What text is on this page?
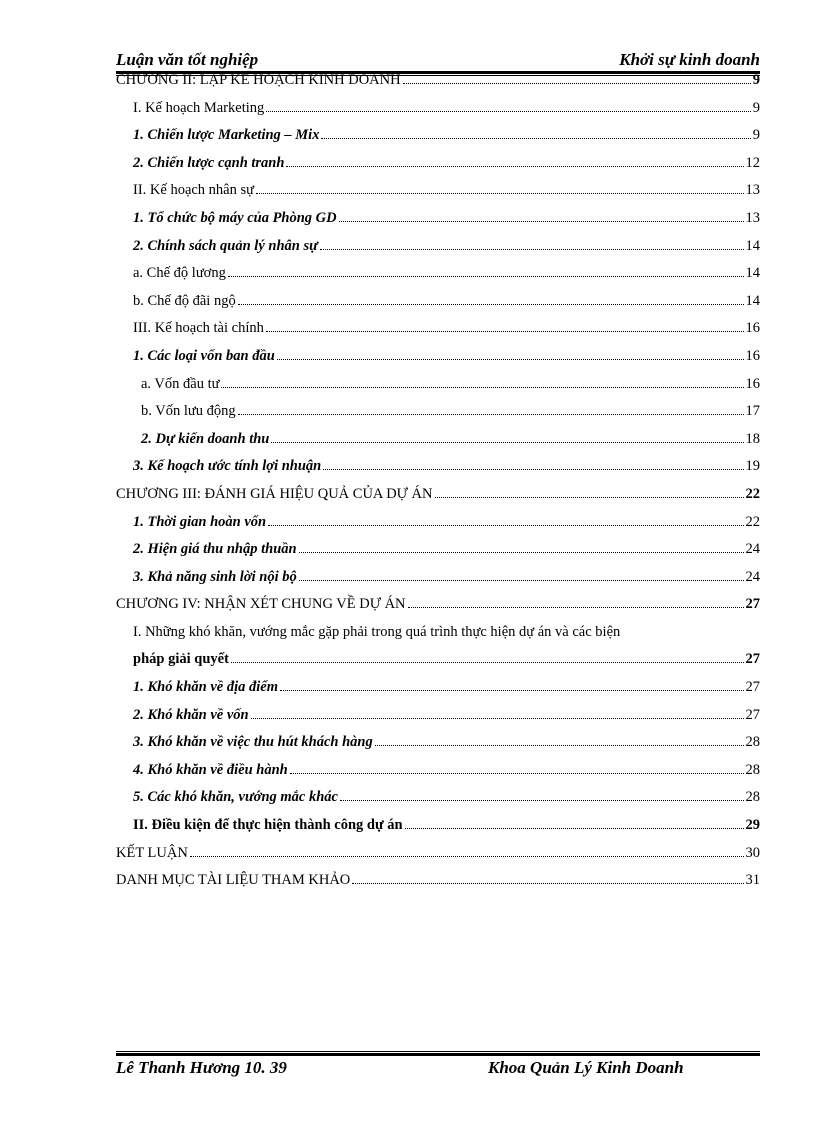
Luận văn tốt nghiệp	Khởi sự kinh doanh
CHƯƠNG II: LẬP KẾ HOẠCH KINH DOANH	9
I. Kế hoạch Marketing	9
1. Chiến lược Marketing – Mix	9
2. Chiến lược cạnh tranh	12
II. Kế hoạch nhân sự	13
1. Tổ chức bộ máy của Phòng GD	13
2. Chính sách quản lý nhân sự	14
a. Chế độ lương	14
b. Chế độ đãi ngộ	14
III. Kế hoạch tài chính	16
1. Các loại vốn ban đầu	16
a. Vốn đầu tư	16
b. Vốn lưu động	17
2. Dự kiến doanh thu	18
3. Kế hoạch ước tính lợi nhuận	19
CHƯƠNG III: ĐÁNH GIÁ HIỆU QUẢ CỦA DỰ ÁN	22
1. Thời gian hoàn vốn	22
2. Hiện giá thu nhập thuần	24
3. Khả năng sinh lời nội bộ	24
CHƯƠNG IV: NHẬN XÉT CHUNG VỀ DỰ ÁN	27
I. Những khó khăn, vướng mắc gặp phải trong quá trình thực hiện dự án và các biện
pháp giải quyết	27
1. Khó khăn về địa điểm	27
2. Khó khăn về vốn	27
3. Khó khăn về việc thu hút khách hàng	28
4. Khó khăn về điều hành	28
5. Các khó khăn, vướng mắc khác	28
II. Điều kiện để thực hiện thành công dự án	29
KẾT LUẬN	30
DANH MỤC TÀI LIỆU THAM KHẢO	31
Lê Thanh Hương 10. 39	Khoa Quản Lý Kinh Doanh
